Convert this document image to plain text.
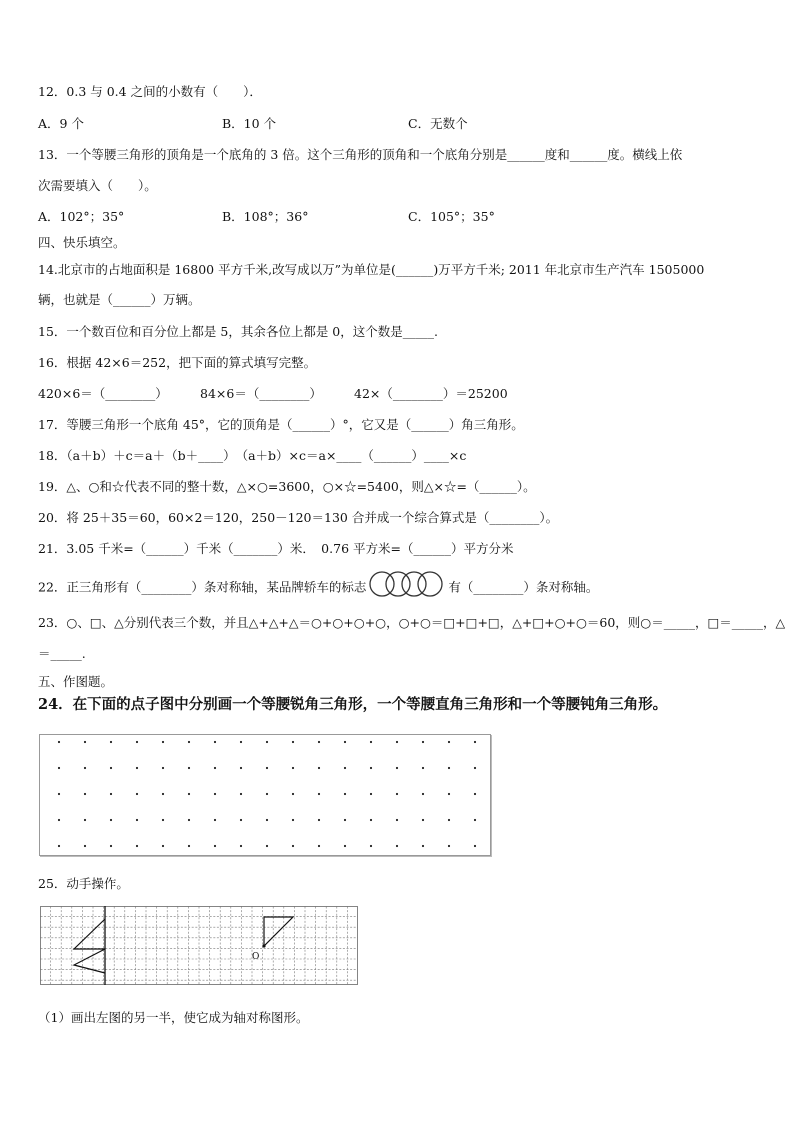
12．0.3 与 0.4 之间的小数有（　　）．
A．9 个	B．10 个	C．无数个
13．一个等腰三角形的顶角是一个底角的 3 倍。这个三角形的顶角和一个底角分别是______度和______度。横线上依
次需要填入（　　）。
A．102°；35°	B．108°；36°	C．105°；35°
四、快乐填空。
14.北京市的占地面积是 16800 平方千米,改写成以万”为单位是(______)万平方千米; 2011 年北京市生产汽车 1505000
辆，也就是（______）万辆。
15．一个数百位和百分位上都是 5，其余各位上都是 0，这个数是_____.
16．根据 42×6＝252，把下面的算式填写完整。
420×6＝（________）	84×6＝（________）	42×（________）＝25200
17．等腰三角形一个底角 45°，它的顶角是（______）°，它又是（______）角三角形。
18．（a＋b）＋c＝a＋（b＋____）　（a＋b）×c＝a×____（______）____×c
19．△、○和☆代表不同的整十数，△×○=3600，○×☆=5400，则△×☆=（______）。
20．将 25＋35＝60，60×2＝120，250－120＝130 合并成一个综合算式是（________）。
21．3.05 千米=（______）千米（_______）米．　0.76 平方米=（______）平方分米
22．正三角形有（________）条对称轴，某品牌轿车的标志	有（________）条对称轴。
23．○、□、△分别代表三个数，并且△+△+△＝○+○+○+○，○+○＝□+□+□，△+□+○+○＝60，则○＝_____，□＝_____，△
＝_____.
五、作图题。
24．在下面的点子图中分别画一个等腰锐角三角形，一个等腰直角三角形和一个等腰钝角三角形。
25．动手操作。
O
（1）画出左图的另一半，使它成为轴对称图形。
